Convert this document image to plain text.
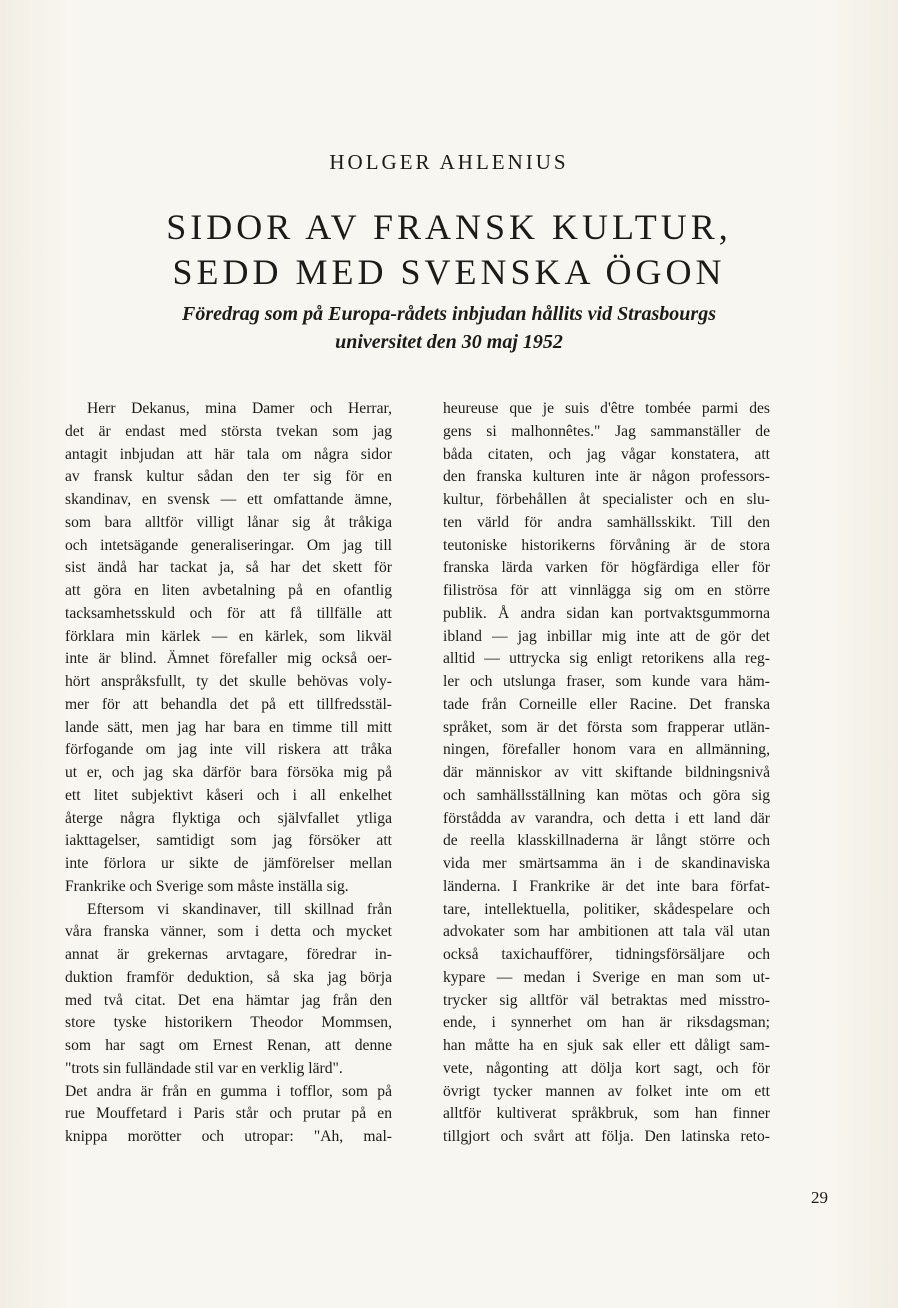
HOLGER AHLENIUS
SIDOR AV FRANSK KULTUR,
SEDD MED SVENSKA ÖGON
Föredrag som på Europa-rådets inbjudan hållits vid Strasbourgs
universitet den 30 maj 1952
Herr Dekanus, mina Damer och Herrar,
det är endast med största tvekan som jag
antagit inbjudan att här tala om några sidor
av fransk kultur sådan den ter sig för en
skandinav, en svensk — ett omfattande ämne,
som bara alltför villigt lånar sig åt tråkiga
och intetsägande generaliseringar. Om jag till
sist ändå har tackat ja, så har det skett för
att göra en liten avbetalning på en ofantlig
tacksamhetsskuld och för att få tillfälle att
förklara min kärlek — en kärlek, som likväl
inte är blind. Ämnet förefaller mig också oer-
hört anspråksfullt, ty det skulle behövas voly-
mer för att behandla det på ett tillfredsstäl-
lande sätt, men jag har bara en timme till mitt
förfogande om jag inte vill riskera att tråka
ut er, och jag ska därför bara försöka mig på
ett litet subjektivt kåseri och i all enkelhet
återge några flyktiga och självfallet ytliga
iakttagelser, samtidigt som jag försöker att
inte förlora ur sikte de jämförelser mellan
Frankrike och Sverige som måste inställa sig.
Eftersom vi skandinaver, till skillnad från
våra franska vänner, som i detta och mycket
annat är grekernas arvtagare, föredrar in-
duktion framför deduktion, så ska jag börja
med två citat. Det ena hämtar jag från den
store tyske historikern Theodor Mommsen,
som har sagt om Ernest Renan, att denne
"trots sin fulländade stil var en verklig lärd".
Det andra är från en gumma i tofflor, som på
rue Mouffetard i Paris står och prutar på en
knippa morötter och utropar: "Ah, mal-
heureuse que je suis d'être tombée parmi des
gens si malhonnêtes." Jag sammanställer de
båda citaten, och jag vågar konstatera, att
den franska kulturen inte är någon professors-
kultur, förbehållen åt specialister och en slu-
ten värld för andra samhällsskikt. Till den
teutoniske historikerns förvåning är de stora
franska lärda varken för högfärdiga eller för
filiströsa för att vinnlägga sig om en större
publik. Å andra sidan kan portvaktsgummorna
ibland — jag inbillar mig inte att de gör det
alltid — uttrycka sig enligt retorikens alla reg-
ler och utslunga fraser, som kunde vara häm-
tade från Corneille eller Racine. Det franska
språket, som är det första som frapperar utlän-
ningen, förefaller honom vara en allmänning,
där människor av vitt skiftande bildningsnivå
och samhällsställning kan mötas och göra sig
förstådda av varandra, och detta i ett land där
de reella klasskillnaderna är långt större och
vida mer smärtsamma än i de skandinaviska
länderna. I Frankrike är det inte bara förfat-
tare, intellektuella, politiker, skådespelare och
advokater som har ambitionen att tala väl utan
också taxichaufförer, tidningsförsäljare och
kypare — medan i Sverige en man som ut-
trycker sig alltför väl betraktas med misstro-
ende, i synnerhet om han är riksdagsman;
han måtte ha en sjuk sak eller ett dåligt sam-
vete, någonting att dölja kort sagt, och för
övrigt tycker mannen av folket inte om ett
alltför kultiverat språkbruk, som han finner
tillgjort och svårt att följa. Den latinska reto-
29
